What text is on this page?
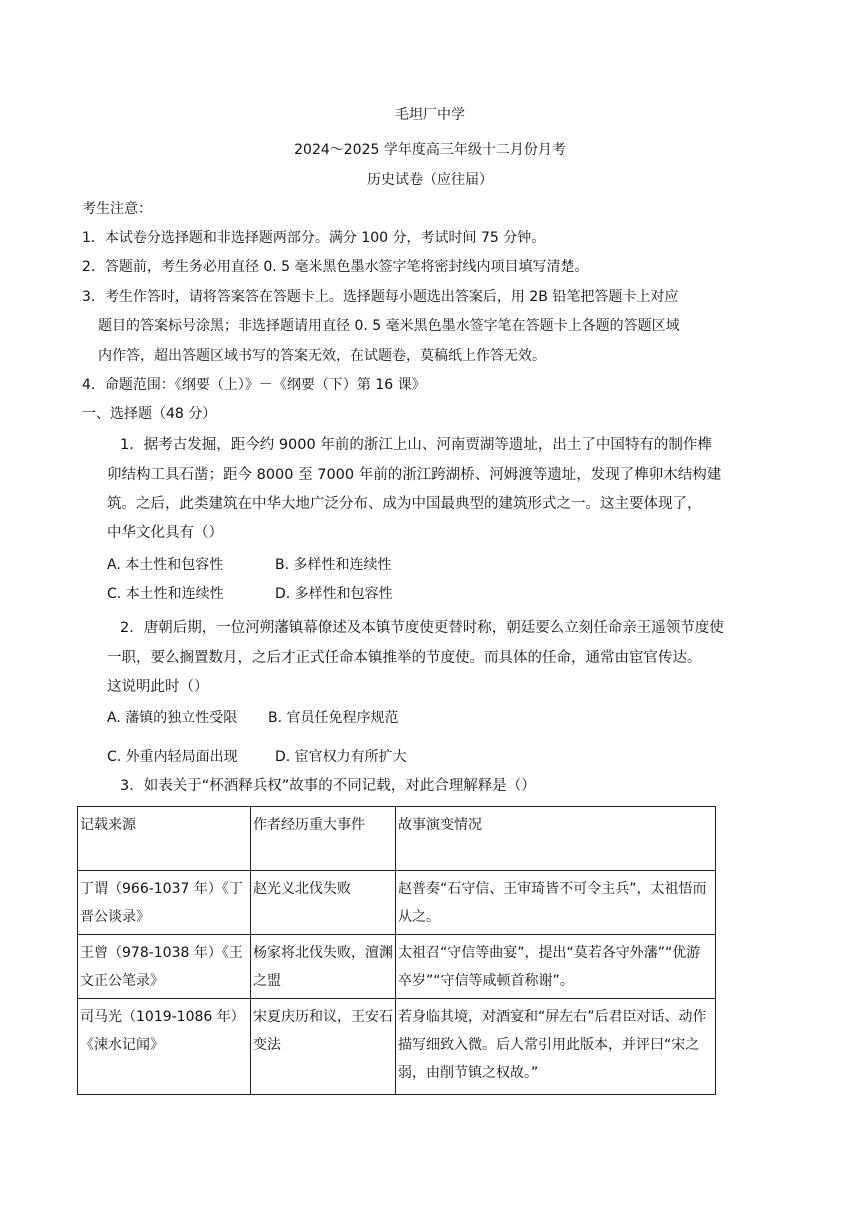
毛坦厂中学
2024～2025 学年度高三年级十二月份月考
历史试卷（应往届）
考生注意：
1．本试卷分选择题和非选择题两部分。满分 100 分，考试时间 75 分钟。
2．答题前，考生务必用直径 0. 5 毫米黑色墨水签字笔将密封线内项目填写清楚。
3．考生作答时，请将答案答在答题卡上。选择题每小题选出答案后，用 2B 铅笔把答题卡上对应
题目的答案标号涂黑；非选择题请用直径 0. 5 毫米黑色墨水签字笔在答题卡上各题的答题区域
内作答，超出答题区域书写的答案无效，在试题卷，莫稿纸上作答无效。
4．命题范围：《纲要（上）》－《纲要（下）第 16 课》
一、选择题（48 分）
1．据考古发掘，距今约 9000 年前的浙江上山、河南贾湖等遗址，出土了中国特有的制作榫
卯结构工具石凿；距今 8000 至 7000 年前的浙江跨湖桥、河姆渡等遗址，发现了榫卯木结构建
筑。之后，此类建筑在中华大地广泛分布、成为中国最典型的建筑形式之一。这主要体现了，
中华文化具有（）
A. 本土性和包容性	B. 多样性和连续性
C. 本土性和连续性	D. 多样性和包容性
2．唐朝后期，一位河朔藩镇幕僚述及本镇节度使更替时称，朝廷要么立刻任命亲王遥领节度使
一职，要么搁置数月，之后才正式任命本镇推举的节度使。而具体的任命，通常由宦官传达。
这说明此时（）
A. 藩镇的独立性受限 B. 官员任免程序规范
C. 外重内轻局面出现	D. 宦官权力有所扩大
3．如表关于“杯酒释兵权”故事的不同记载，对此合理解释是（）
记载来源	作者经历重大事件	故事演变情况
丁谓（966-1037 年）《丁晋公谈录》	赵光义北伐失败	赵普奏“石守信、王审琦皆不可令主兵”，太祖悟而从之。
王曾（978-1038 年）《王文正公笔录》	杨家将北伐失败，澶渊之盟	太祖召“守信等曲宴”，提出“莫若各守外藩”“优游卒岁”“守信等咸顿首称谢”。
司马光（1019-1086 年）《涑水记闻》	宋夏庆历和议，王安石变法	若身临其境，对酒宴和“屏左右”后君臣对话、动作描写细致入微。后人常引用此版本，并评曰“宋之弱，由削节镇之权故。”
